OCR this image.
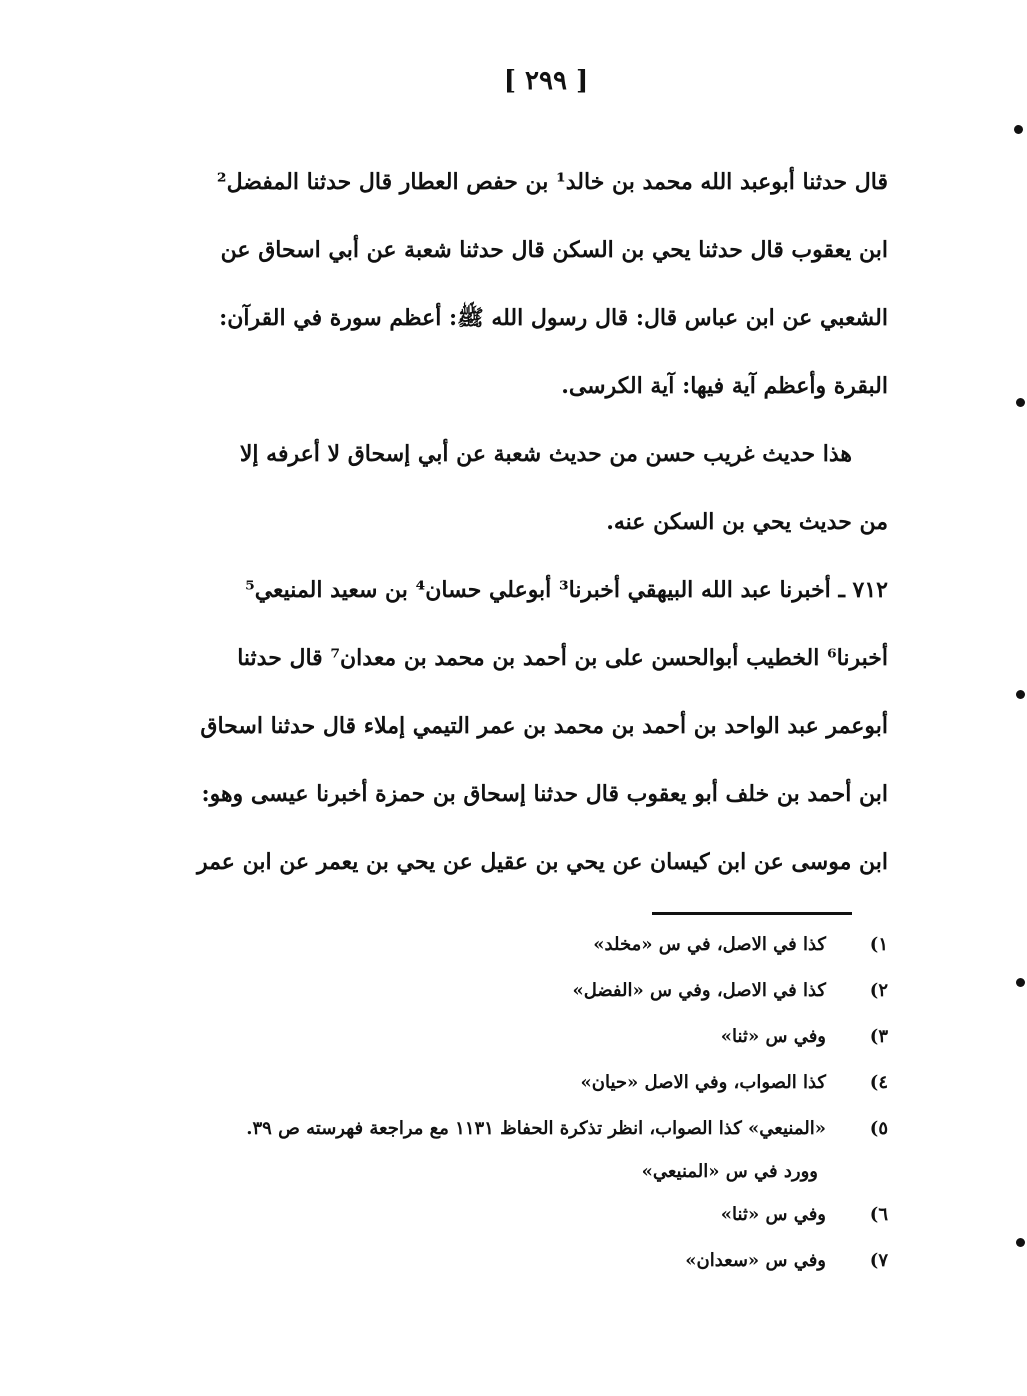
[ ٢٩٩ ]
قال حدثنا أبوعبد الله محمد بن خالد¹ بن حفص العطار قال حدثنا المفضل²
ابن يعقوب قال حدثنا يحي بن السكن قال حدثنا شعبة عن أبي اسحاق عن
الشعبي عن ابن عباس قال: قال رسول الله ﷺ: أعظم سورة في القرآن:
البقرة وأعظم آية فيها: آية الكرسى.
هذا حديث غريب حسن من حديث شعبة عن أبي إسحاق لا أعرفه إلا
من حديث يحي بن السكن عنه.
٧١٢ ـ أخبرنا عبد الله البيهقي أخبرنا³ أبوعلي حسان⁴ بن سعيد المنيعي⁵
أخبرنا⁶ الخطيب أبوالحسن على بن أحمد بن محمد بن معدان⁷ قال حدثنا
أبوعمر عبد الواحد بن أحمد بن محمد بن عمر التيمي إملاء قال حدثنا اسحاق
ابن أحمد بن خلف أبو يعقوب قال حدثنا إسحاق بن حمزة أخبرنا عيسى وهو:
ابن موسى عن ابن كيسان عن يحي بن عقيل عن يحي بن يعمر عن ابن عمر
١)
كذا في الاصل، في س «مخلد»
٢)
كذا في الاصل، وفي س «الفضل»
٣)
وفي س «ثنا»
٤)
كذا الصواب، وفي الاصل «حيان»
٥)
«المنيعي» كذا الصواب، انظر تذكرة الحفاظ ١١٣١ مع مراجعة فهرسته ص ٣٩.
وورد في س «المنيعي»
٦)
وفي س «ثنا»
٧)
وفي س «سعدان»
